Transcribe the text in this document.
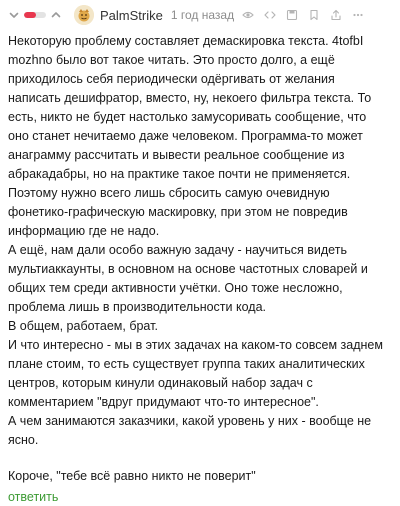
PalmStrike 1 год назад

Некоторую проблему составляет демаскировка текста. 4tofbI mozhno было вот такое читать. Это просто долго, а ещё приходилось себя периодически одёргивать от желания написать дешифратор, вместо, ну, некоего фильтра текста. То есть, никто не будет настолько замусоривать сообщение, что оно станет нечитаемо даже человеком. Программа-то может анаграмму рассчитать и вывести реальное сообщение из абракадабры, но на практике такое почти не применяется. Поэтому нужно всего лишь сбросить самую очевидную фонетико-графическую маскировку, при этом не повредив информацию где не надо.

А ещё, нам дали особо важную задачу - научиться видеть мультиаккаунты, в основном на основе частотных словарей и общих тем среди активности учётки. Оно тоже несложно, проблема лишь в производительности кода.

В общем, работаем, брат.

И что интересно - мы в этих задачах на каком-то совсем заднем плане стоим, то есть существует группа таких аналитических центров, которым кинули одинаковый набор задач с комментарием "вдруг придумают что-то интересное".

А чем занимаются заказчики, какой уровень у них - вообще не ясно.

Короче, "тебе всё равно никто не поверит"

ответить
